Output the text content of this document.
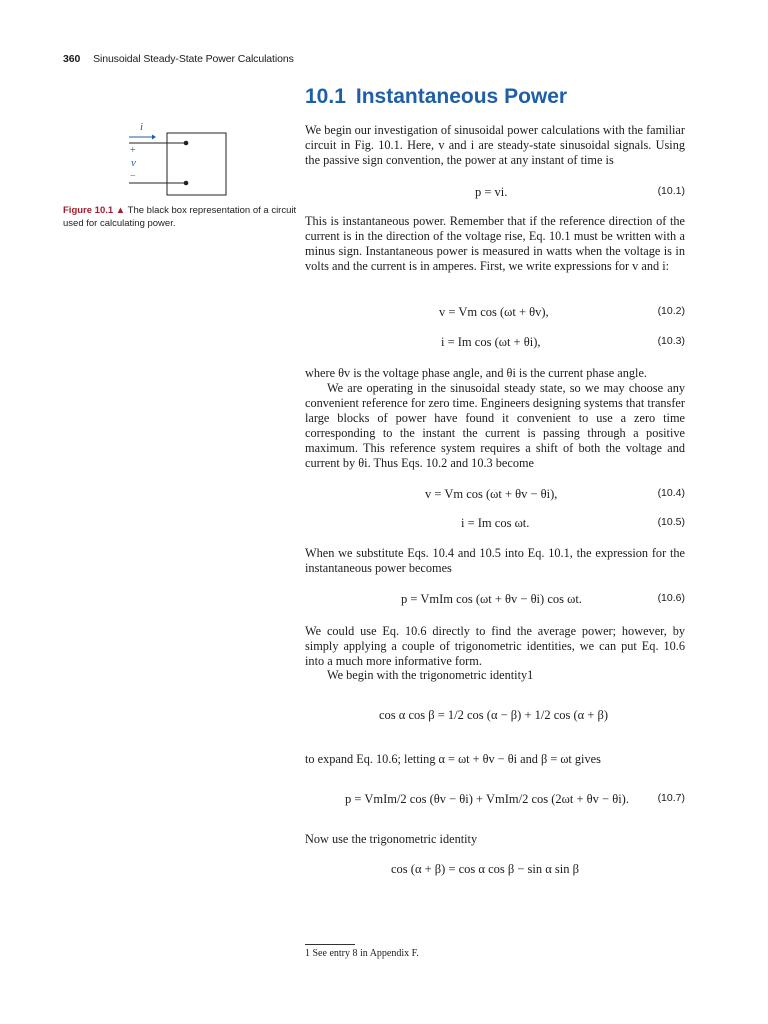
360 Sinusoidal Steady-State Power Calculations
10.1 Instantaneous Power
i
+
v
−
Figure 10.1 ▲ The black box representation of a circuit used for calculating power.
We begin our investigation of sinusoidal power calculations with the familiar circuit in Fig. 10.1. Here, v and i are steady-state sinusoidal signals. Using the passive sign convention, the power at any instant of time is
p = vi.	(10.1)
This is instantaneous power. Remember that if the reference direction of the current is in the direction of the voltage rise, Eq. 10.1 must be written with a minus sign. Instantaneous power is measured in watts when the voltage is in volts and the current is in amperes. First, we write expressions for v and i:
v = Vm cos (ωt + θv),	(10.2)
i = Im cos (ωt + θi),	(10.3)
where θv is the voltage phase angle, and θi is the current phase angle.
We are operating in the sinusoidal steady state, so we may choose any convenient reference for zero time. Engineers designing systems that transfer large blocks of power have found it convenient to use a zero time corresponding to the instant the current is passing through a positive maximum. This reference system requires a shift of both the voltage and current by θi. Thus Eqs. 10.2 and 10.3 become
v = Vm cos (ωt + θv − θi),	(10.4)
i = Im cos ωt.	(10.5)
When we substitute Eqs. 10.4 and 10.5 into Eq. 10.1, the expression for the instantaneous power becomes
p = VmIm cos (ωt + θv − θi) cos ωt.	(10.6)
We could use Eq. 10.6 directly to find the average power; however, by simply applying a couple of trigonometric identities, we can put Eq. 10.6 into a much more informative form.
We begin with the trigonometric identity1
cos α cos β = 1/2 cos (α − β) + 1/2 cos (α + β)
to expand Eq. 10.6; letting α = ωt + θv − θi and β = ωt gives
p = VmIm/2 cos (θv − θi) + VmIm/2 cos (2ωt + θv − θi).	(10.7)
Now use the trigonometric identity
cos (α + β) = cos α cos β − sin α sin β
1 See entry 8 in Appendix F.
